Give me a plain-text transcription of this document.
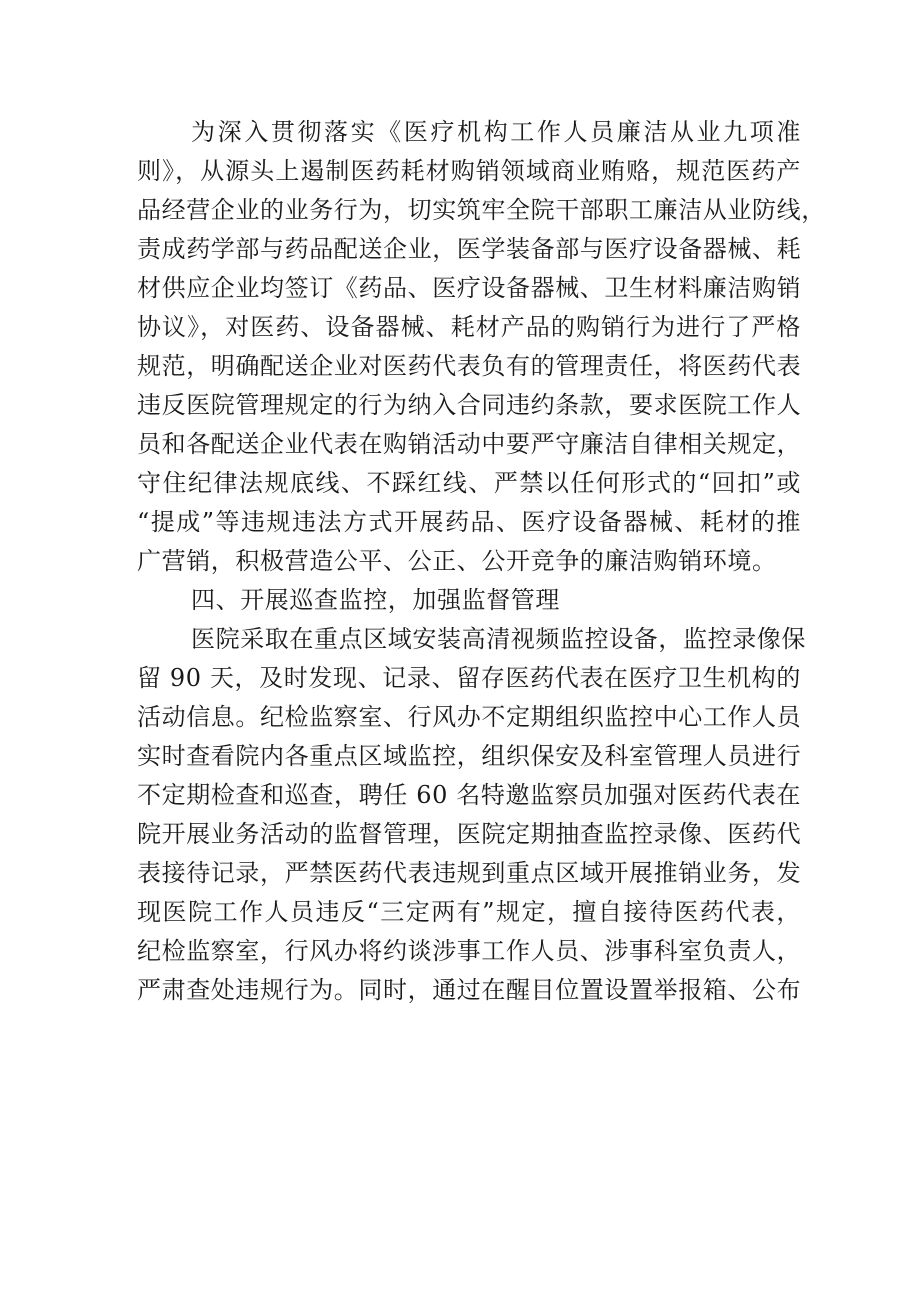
为深入贯彻落实《医疗机构工作人员廉洁从业九项准
则》，从源头上遏制医药耗材购销领域商业贿赂，规范医药产
品经营企业的业务行为，切实筑牢全院干部职工廉洁从业防线，
责成药学部与药品配送企业，医学装备部与医疗设备器械、耗
材供应企业均签订《药品、医疗设备器械、卫生材料廉洁购销
协议》，对医药、设备器械、耗材产品的购销行为进行了严格
规范，明确配送企业对医药代表负有的管理责任，将医药代表
违反医院管理规定的行为纳入合同违约条款，要求医院工作人
员和各配送企业代表在购销活动中要严守廉洁自律相关规定，
守住纪律法规底线、不踩红线、严禁以任何形式的“回扣”或
“提成”等违规违法方式开展药品、医疗设备器械、耗材的推
广营销，积极营造公平、公正、公开竞争的廉洁购销环境。
四、开展巡查监控，加强监督管理
医院采取在重点区域安装高清视频监控设备，监控录像保
留 90 天，及时发现、记录、留存医药代表在医疗卫生机构的
活动信息。纪检监察室、行风办不定期组织监控中心工作人员
实时查看院内各重点区域监控，组织保安及科室管理人员进行
不定期检查和巡查，聘任 60 名特邀监察员加强对医药代表在
院开展业务活动的监督管理，医院定期抽查监控录像、医药代
表接待记录，严禁医药代表违规到重点区域开展推销业务，发
现医院工作人员违反“三定两有”规定，擅自接待医药代表，
纪检监察室，行风办将约谈涉事工作人员、涉事科室负责人，
严肃查处违规行为。同时，通过在醒目位置设置举报箱、公布
